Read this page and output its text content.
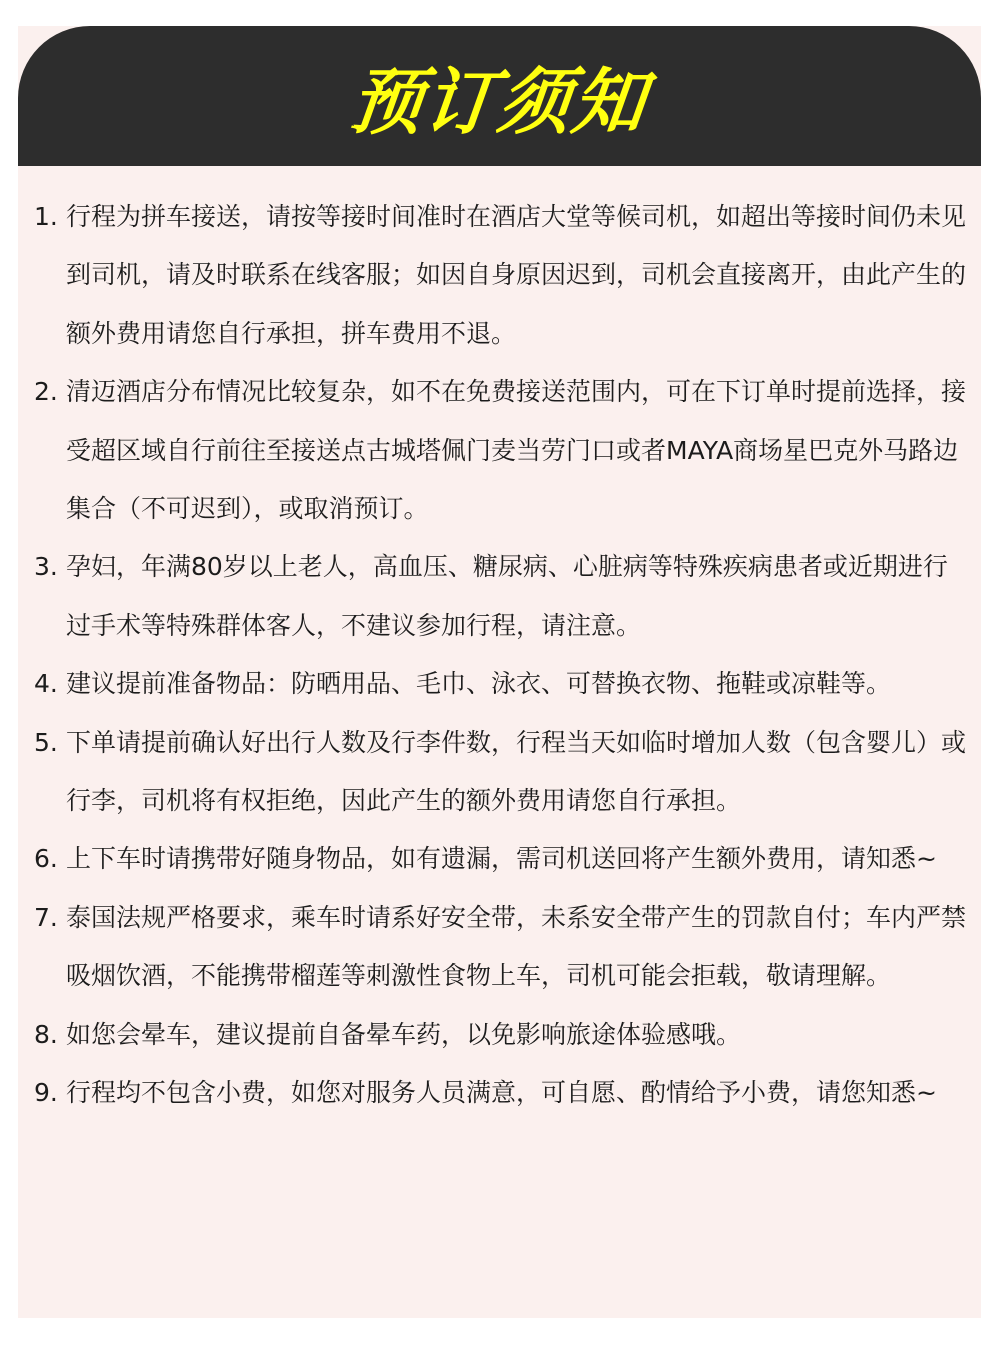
预订须知
1. 行程为拼车接送，请按等接时间准时在酒店大堂等候司机，如超出等接时间仍未见到司机，请及时联系在线客服；如因自身原因迟到，司机会直接离开，由此产生的额外费用请您自行承担，拼车费用不退。
2. 清迈酒店分布情况比较复杂，如不在免费接送范围内，可在下订单时提前选择，接受超区域自行前往至接送点古城塔佩门麦当劳门口或者MAYA商场星巴克外马路边集合（不可迟到），或取消预订。
3. 孕妇，年满80岁以上老人，高血压、糖尿病、心脏病等特殊疾病患者或近期进行过手术等特殊群体客人，不建议参加行程，请注意。
4. 建议提前准备物品：防晒用品、毛巾、泳衣、可替换衣物、拖鞋或凉鞋等。
5. 下单请提前确认好出行人数及行李件数，行程当天如临时增加人数（包含婴儿）或行李，司机将有权拒绝，因此产生的额外费用请您自行承担。
6. 上下车时请携带好随身物品，如有遗漏，需司机送回将产生额外费用，请知悉~
7. 泰国法规严格要求，乘车时请系好安全带，未系安全带产生的罚款自付；车内严禁吸烟饮酒，不能携带榴莲等刺激性食物上车，司机可能会拒载，敬请理解。
8. 如您会晕车，建议提前自备晕车药，以免影响旅途体验感哦。
9. 行程均不包含小费，如您对服务人员满意，可自愿、酌情给予小费，请您知悉~
